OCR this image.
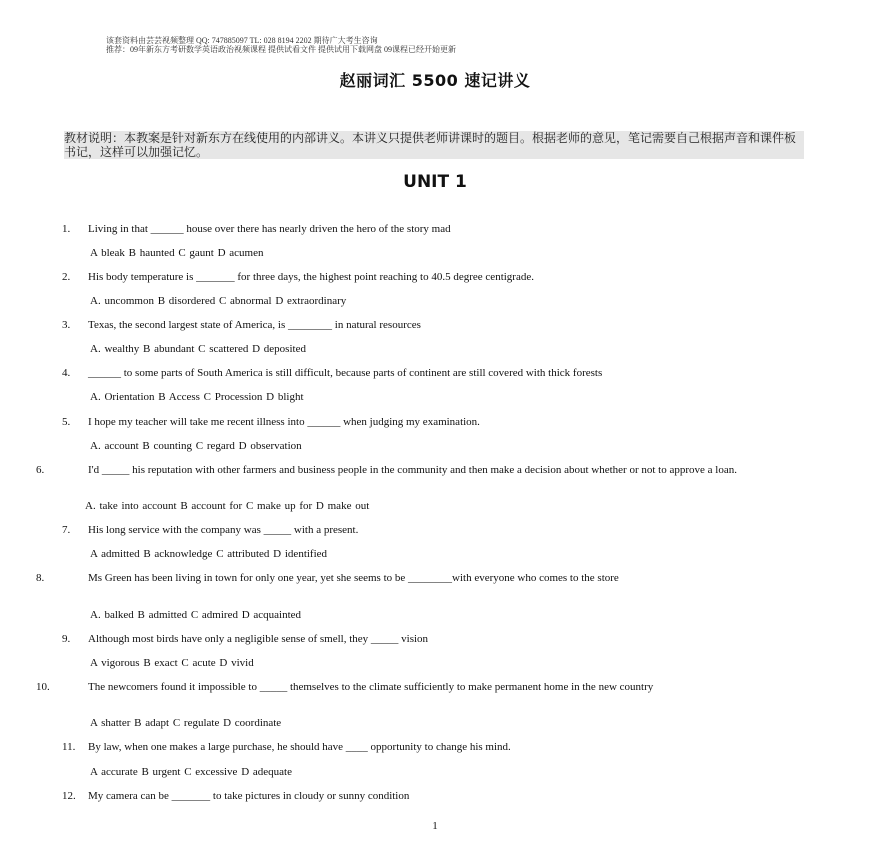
该套资料由芸芸视频整理 QQ: 747885097 TL: 028 8194 2202 期待广大考生咨询
推荐：09年新东方考研数学英语政治视频课程 提供试看文件 提供试用下载网盘 09课程已经开始更新
赵丽词汇 5500 速记讲义
教材说明：本教案是针对新东方在线使用的内部讲义。本讲义只提供老师讲课时的题目。根据老师的意见，笔记需要自己根据声音和课件板书记，这样可以加强记忆。
UNIT 1
1. Living in that ______ house over there has nearly driven the hero of the story mad
A bleak B haunted C gaunt D acumen
2. His body temperature is _______ for three days, the highest point reaching to 40.5 degree centigrade.
A. uncommon B disordered C abnormal D extraordinary
3. Texas, the second largest state of America, is ________ in natural resources
A. wealthy B abundant C scattered D deposited
4. ______ to some parts of South America is still difficult, because parts of continent are still covered with thick forests
A. Orientation B Access C Procession D blight
5. I hope my teacher will take me recent illness into ______ when judging my examination.
A. account B counting C regard D observation
6.	I'd _____ his reputation with other farmers and business people in the community and then make a decision about whether or not to approve a loan.
A. take into account B account for C make up for D make out
7. His long service with the company was _____ with a present.
A admitted B acknowledge C attributed D identified
8.	Ms Green has been living in town for only one year, yet she seems to be ________with everyone who comes to the store
A. balked B admitted C admired D acquainted
9. Although most birds have only a negligible sense of smell, they _____ vision
A vigorous B exact C acute D vivid
10.	The newcomers found it impossible to _____ themselves to the climate sufficiently to make permanent home in the new country
A shatter B adapt C regulate D coordinate
11. By law, when one makes a large purchase, he should have ____ opportunity to change his mind.
A accurate B urgent C excessive D adequate
12. My camera can be _______ to take pictures in cloudy or sunny condition
1
